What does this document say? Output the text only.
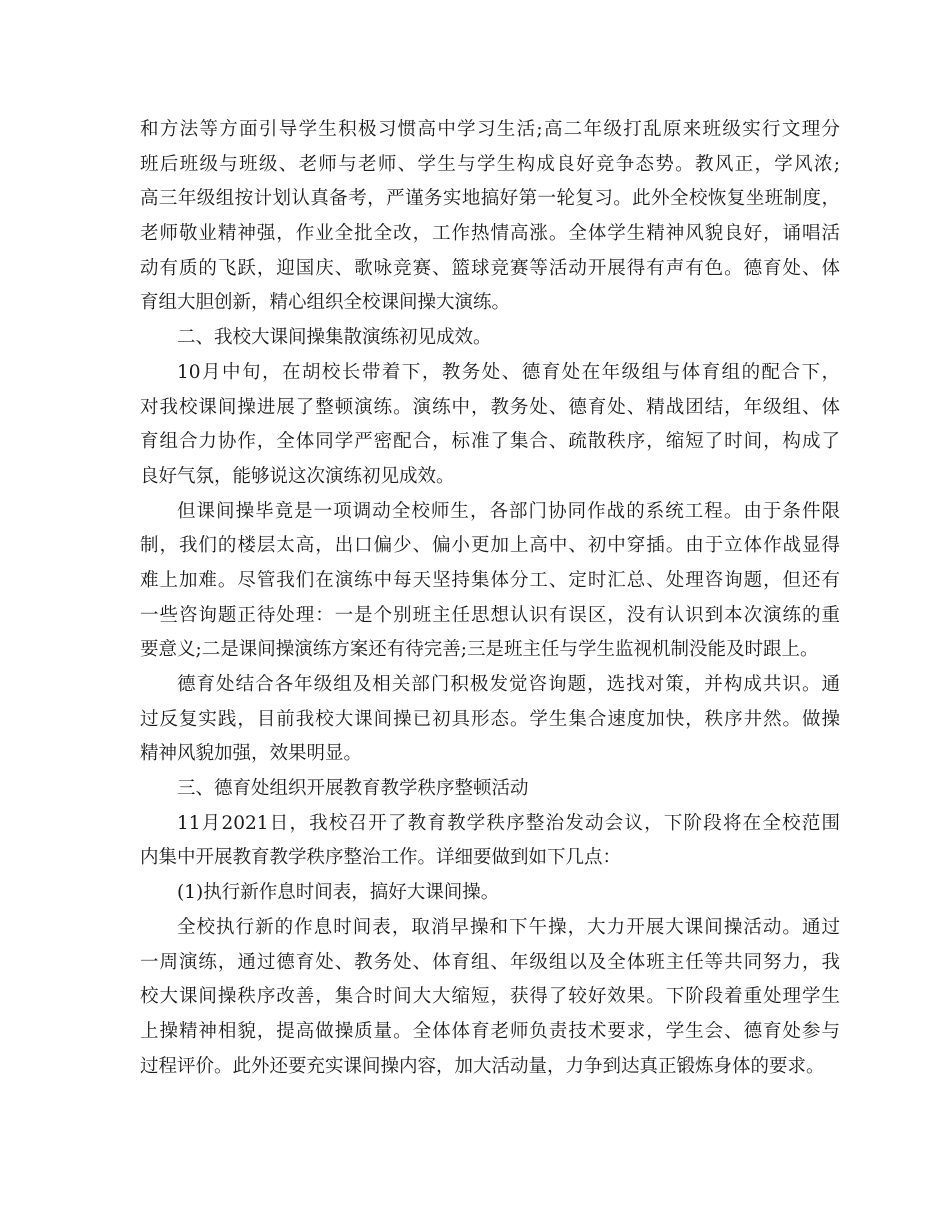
和方法等方面引导学生积极习惯高中学习生活;高二年级打乱原来班级实行文理分
班后班级与班级、老师与老师、学生与学生构成良好竞争态势。教风正，学风浓;
高三年级组按计划认真备考，严谨务实地搞好第一轮复习。此外全校恢复坐班制度，
老师敬业精神强，作业全批全改，工作热情高涨。全体学生精神风貌良好，诵唱活
动有质的飞跃，迎国庆、歌咏竞赛、篮球竞赛等活动开展得有声有色。德育处、体
育组大胆创新，精心组织全校课间操大演练。
二、我校大课间操集散演练初见成效。
10月中旬，在胡校长带着下，教务处、德育处在年级组与体育组的配合下，
对我校课间操进展了整顿演练。演练中，教务处、德育处、精战团结，年级组、体
育组合力协作，全体同学严密配合，标准了集合、疏散秩序，缩短了时间，构成了
良好气氛，能够说这次演练初见成效。
但课间操毕竟是一项调动全校师生，各部门协同作战的系统工程。由于条件限
制，我们的楼层太高，出口偏少、偏小更加上高中、初中穿插。由于立体作战显得
难上加难。尽管我们在演练中每天坚持集体分工、定时汇总、处理咨询题，但还有
一些咨询题正待处理：一是个别班主任思想认识有误区，没有认识到本次演练的重
要意义;二是课间操演练方案还有待完善;三是班主任与学生监视机制没能及时跟上。
德育处结合各年级组及相关部门积极发觉咨询题，选找对策，并构成共识。通
过反复实践，目前我校大课间操已初具形态。学生集合速度加快，秩序井然。做操
精神风貌加强，效果明显。
三、德育处组织开展教育教学秩序整顿活动
11月2021日，我校召开了教育教学秩序整治发动会议，下阶段将在全校范围
内集中开展教育教学秩序整治工作。详细要做到如下几点：
(1)执行新作息时间表，搞好大课间操。
全校执行新的作息时间表，取消早操和下午操，大力开展大课间操活动。通过
一周演练，通过德育处、教务处、体育组、年级组以及全体班主任等共同努力，我
校大课间操秩序改善，集合时间大大缩短，获得了较好效果。下阶段着重处理学生
上操精神相貌，提高做操质量。全体体育老师负责技术要求，学生会、德育处参与
过程评价。此外还要充实课间操内容，加大活动量，力争到达真正锻炼身体的要求。
